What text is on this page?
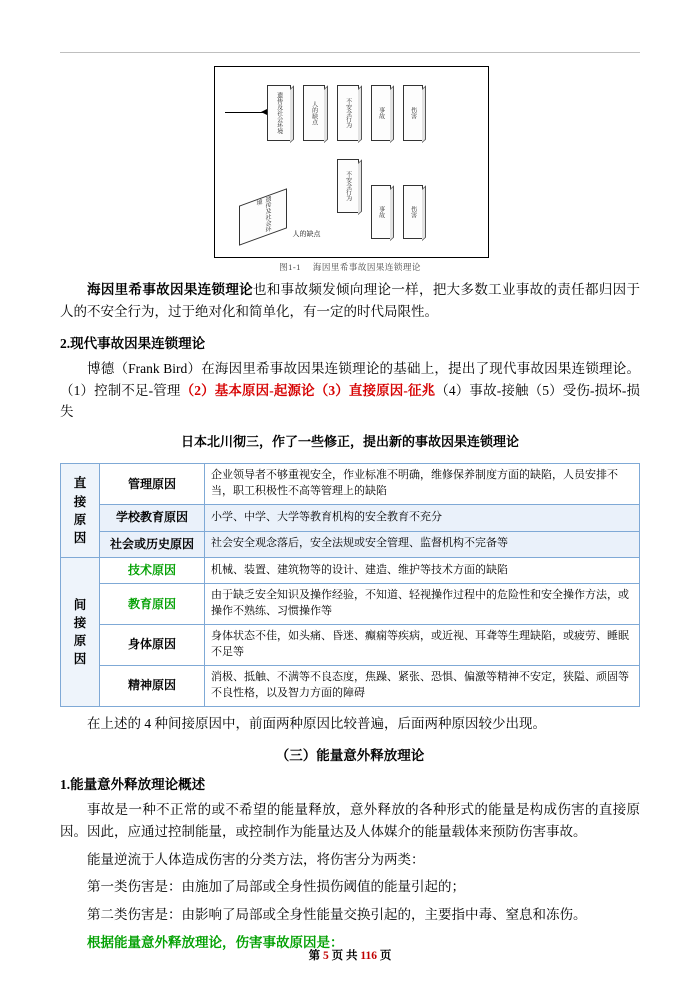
遗传及社会环境	人的缺点	不安全行为	事故	伤害
不安全行为
事故	伤害
遗传及社会环境
人的缺点
图1-1 海因里希事故因果连锁理论

海因里希事故因果连锁理论也和事故频发倾向理论一样，把大多数工业事故的责任都归因于人的不安全行为，过于绝对化和简单化，有一定的时代局限性。

2.现代事故因果连锁理论

博德（Frank Bird）在海因里希事故因果连锁理论的基础上，提出了现代事故因果连锁理论。（1）控制不足-管理（2）基本原因-起源论（3）直接原因-征兆（4）事故-接触（5）受伤-损坏-损失

日本北川彻三，作了一些修正，提出新的事故因果连锁理论

直
接
原
因	管理原因	企业领导者不够重视安全，作业标准不明确，维修保养制度方面的缺陷，人员安排不当，职工积极性不高等管理上的缺陷
	学校教育原因	小学、中学、大学等教育机构的安全教育不充分
	社会或历史原因	社会安全观念落后，安全法规或安全管理、监督机构不完备等

间
接
原
因	技术原因	机械、装置、建筑物等的设计、建造、维护等技术方面的缺陷
	教育原因	由于缺乏安全知识及操作经验，不知道、轻视操作过程中的危险性和安全操作方法，或操作不熟练、习惯操作等
	身体原因	身体状态不佳，如头痛、昏迷、癫痫等疾病，或近视、耳聋等生理缺陷，或疲劳、睡眠不足等
	精神原因	消极、抵触、不满等不良态度，焦躁、紧张、恐惧、偏激等精神不安定，狭隘、顽固等不良性格，以及智力方面的障碍

在上述的 4 种间接原因中，前面两种原因比较普遍，后面两种原因较少出现。

（三）能量意外释放理论

1.能量意外释放理论概述

事故是一种不正常的或不希望的能量释放，意外释放的各种形式的能量是构成伤害的直接原因。因此，应通过控制能量，或控制作为能量达及人体媒介的能量载体来预防伤害事故。

能量逆流于人体造成伤害的分类方法，将伤害分为两类：

第一类伤害是：由施加了局部或全身性损伤阈值的能量引起的；

第二类伤害是：由影响了局部或全身性能量交换引起的，主要指中毒、窒息和冻伤。

根据能量意外释放理论，伤害事故原因是：

第 5 页 共 116 页
